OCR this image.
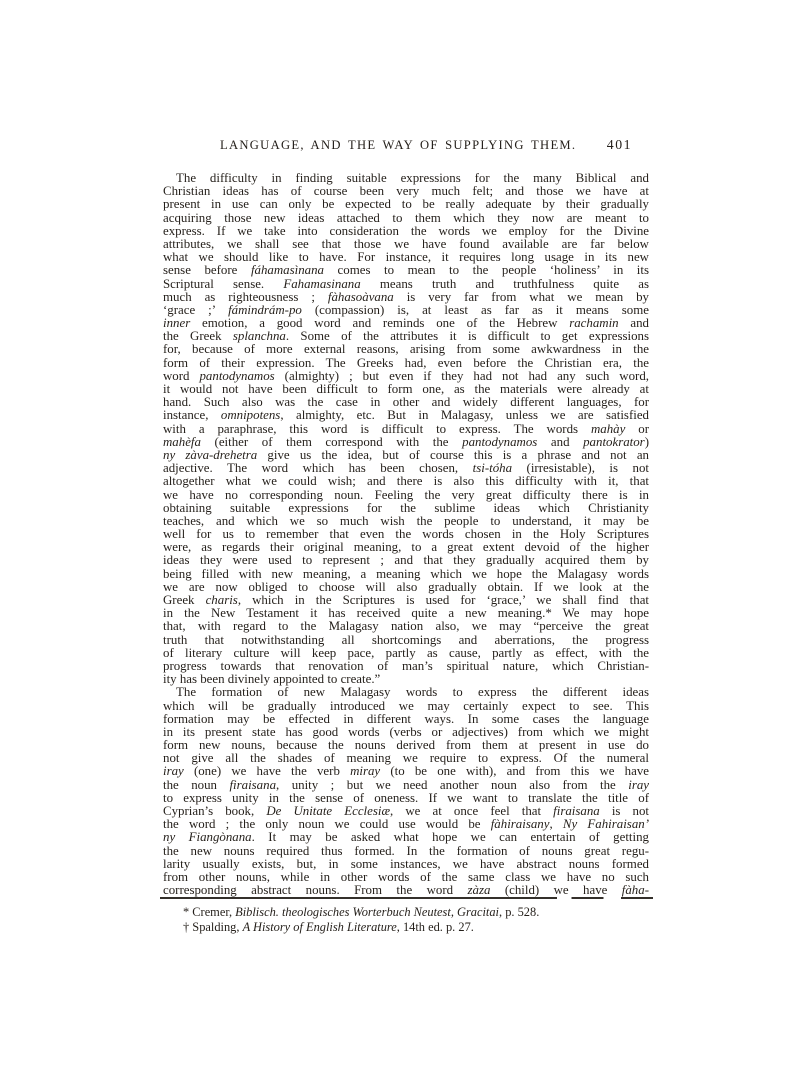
LANGUAGE, AND THE WAY OF SUPPLYING THEM. 401
The difficulty in finding suitable expressions for the many Biblical and
Christian ideas has of course been very much felt; and those we have at
present in use can only be expected to be really adequate by their gradually
acquiring those new ideas attached to them which they now are meant to
express. If we take into consideration the words we employ for the Divine
attributes, we shall see that those we have found available are far below
what we should like to have. For instance, it requires long usage in its new
sense before fáhamasìnana comes to mean to the people ‘holiness’ in its
Scriptural sense. Fahamasinana means truth and truthfulness quite as
much as righteousness ; fàhasoàvana is very far from what we mean by
‘grace ;’ fámindrám-po (compassion) is, at least as far as it means some
inner emotion, a good word and reminds one of the Hebrew rachamin and
the Greek splanchna. Some of the attributes it is difficult to get expressions
for, because of more external reasons, arising from some awkwardness in the
form of their expression. The Greeks had, even before the Christian era, the
word pantodynamos (almighty) ; but even if they had not had any such word,
it would not have been difficult to form one, as the materials were already at
hand. Such also was the case in other and widely different languages, for
instance, omnipotens, almighty, etc. But in Malagasy, unless we are satisfied
with a paraphrase, this word is difficult to express. The words mahày or
mahèfa (either of them correspond with the pantodynamos and pantokrator)
ny zàva-drehetra give us the idea, but of course this is a phrase and not an
adjective. The word which has been chosen, tsi-tóha (irresistable), is not
altogether what we could wish; and there is also this difficulty with it, that
we have no corresponding noun. Feeling the very great difficulty there is in
obtaining suitable expressions for the sublime ideas which Christianity
teaches, and which we so much wish the people to understand, it may be
well for us to remember that even the words chosen in the Holy Scriptures
were, as regards their original meaning, to a great extent devoid of the higher
ideas they were used to represent ; and that they gradually acquired them by
being filled with new meaning, a meaning which we hope the Malagasy words
we are now obliged to choose will also gradually obtain. If we look at the
Greek charis, which in the Scriptures is used for ‘grace,’ we shall find that
in the New Testament it has received quite a new meaning.* We may hope
that, with regard to the Malagasy nation also, we may “perceive the great
truth that notwithstanding all shortcomings and aberrations, the progress
of literary culture will keep pace, partly as cause, partly as effect, with the
progress towards that renovation of man’s spiritual nature, which Christian-
ity has been divinely appointed to create.”
The formation of new Malagasy words to express the different ideas
which will be gradually introduced we may certainly expect to see. This
formation may be effected in different ways. In some cases the language
in its present state has good words (verbs or adjectives) from which we might
form new nouns, because the nouns derived from them at present in use do
not give all the shades of meaning we require to express. Of the numeral
iray (one) we have the verb miray (to be one with), and from this we have
the noun firaisana, unity ; but we need another noun also from the iray
to express unity in the sense of oneness. If we want to translate the title of
Cyprian’s book, De Unitate Ecclesiæ, we at once feel that firaisana is not
the word ; the only noun we could use would be fàhiraisany, Ny Fahiraisan’
ny Fiangònana. It may be asked what hope we can entertain of getting
the new nouns required thus formed. In the formation of nouns great regu-
larity usually exists, but, in some instances, we have abstract nouns formed
from other nouns, while in other words of the same class we have no such
corresponding abstract nouns. From the word zàza (child) we have fàha-
* Cremer, Biblisch. theologisches Worterbuch Neutest, Gracitai, p. 528.
† Spalding, A History of English Literature, 14th ed. p. 27.
